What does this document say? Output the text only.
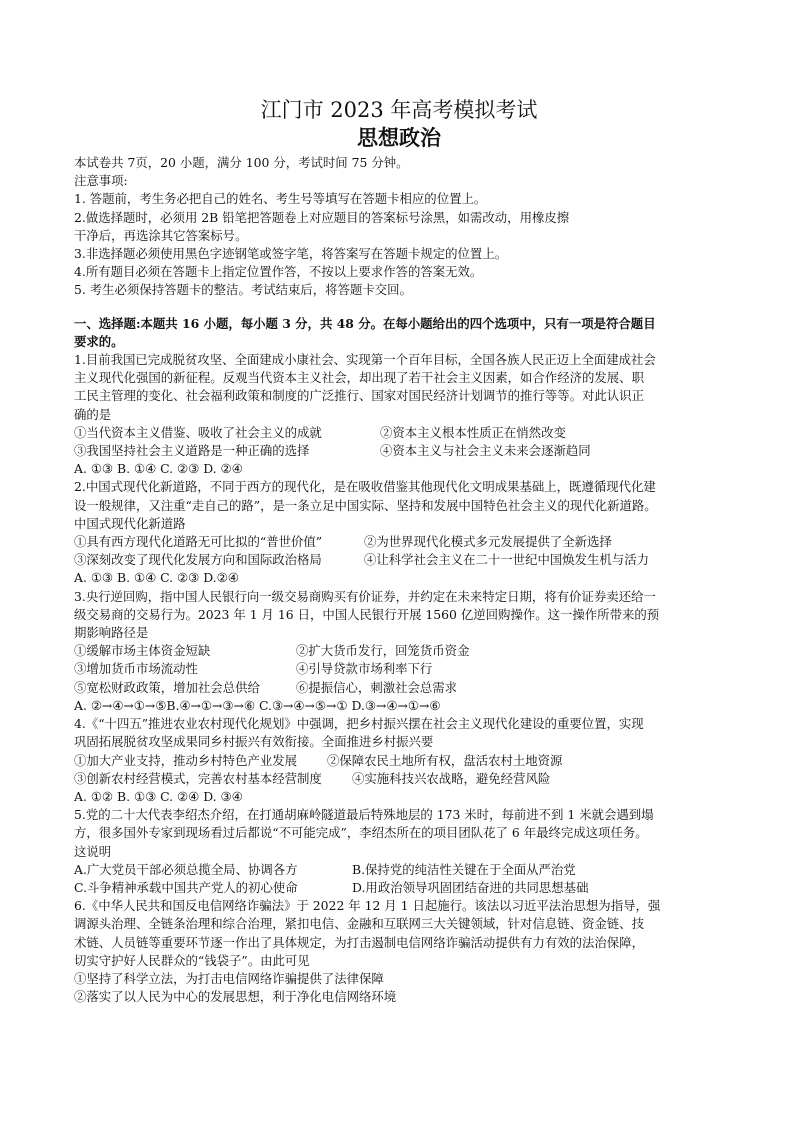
江门市 2023 年高考模拟考试
思想政治
本试卷共 7页，20 小题，满分 100 分，考试时间 75 分钟。
注意事项:
1. 答题前，考生务必把自己的姓名、考生号等填写在答题卡相应的位置上。
2.做选择题时，必须用 2B 铅笔把答题卷上对应题目的答案标号涂黑，如需改动，用橡皮擦
干净后，再选涂其它答案标号。
3.非选择题必须使用黑色字迹钢笔或签字笔，将答案写在答题卡规定的位置上。
4.所有题目必须在答题卡上指定位置作答，不按以上要求作答的答案无效。
5. 考生必须保持答题卡的整洁。考试结束后，将答题卡交回。
一、选择题:本题共 16 小题，每小题 3 分，共 48 分。在每小题给出的四个选项中，只有一项是符合题目
要求的。
1.目前我国已完成脱贫攻坚、全面建成小康社会、实现第一个百年目标，全国各族人民正迈上全面建成社会
主义现代化强国的新征程。反观当代资本主义社会，却出现了若干社会主义因素，如合作经济的发展、职
工民主管理的变化、社会福利政策和制度的广泛推行、国家对国民经济计划调节的推行等等。对此认识正
确的是
①当代资本主义借鉴、吸收了社会主义的成就	②资本主义根本性质正在悄然改变
③我国坚持社会主义道路是一种正确的选择	④资本主义与社会主义未来会逐渐趋同
A. ①③ B. ①④ C. ②③ D. ②④
2.中国式现代化新道路，不同于西方的现代化，是在吸收借鉴其他现代化文明成果基础上，既遵循现代化建
设一般规律，又注重“走自己的路”，是一条立足中国实际、坚持和发展中国特色社会主义的现代化新道路。
中国式现代化新道路
①具有西方现代化道路无可比拟的“普世价值”	②为世界现代化模式多元发展提供了全新选择
③深刻改变了现代化发展方向和国际政治格局	④让科学社会主义在二十一世纪中国焕发生机与活力
A. ①③ B. ①④ C. ②③ D.②④
3.央行逆回购，指中国人民银行向一级交易商购买有价证券，并约定在未来特定日期，将有价证券卖还给一
级交易商的交易行为。2023 年 1 月 16 日，中国人民银行开展 1560 亿逆回购操作。这一操作所带来的预
期影响路径是
①缓解市场主体资金短缺	②扩大货币发行，回笼货币资金
③增加货币市场流动性	④引导贷款市场利率下行
⑤宽松财政政策，增加社会总供给	⑥提振信心，刺激社会总需求
A. ②→④→①→⑤B.④→①→③→⑥ C.③→④→⑤→① D.③→④→①→⑥
4.《“十四五”推进农业农村现代化规划》中强调，把乡村振兴摆在社会主义现代化建设的重要位置，实现
巩固拓展脱贫攻坚成果同乡村振兴有效衔接。全面推进乡村振兴要
①加大产业支持，推动乡村特色产业发展	②保障农民土地所有权，盘活农村土地资源
③创新农村经营模式，完善农村基本经营制度	④实施科技兴农战略，避免经营风险
A. ①② B. ①③ C. ②④ D. ③④
5.党的二十大代表李绍杰介绍，在打通胡麻岭隧道最后特殊地层的 173 米时，每前进不到 1 米就会遇到塌
方，很多国外专家到现场看过后都说“不可能完成”，李绍杰所在的项目团队花了 6 年最终完成这项任务。
这说明
A.广大党员干部必须总揽全局、协调各方	B.保持党的纯洁性关键在于全面从严治党
C.斗争精神承载中国共产党人的初心使命	D.用政治领导巩固团结奋进的共同思想基础
6.《中华人民共和国反电信网络诈骗法》于 2022 年 12 月 1 日起施行。该法以习近平法治思想为指导，强
调源头治理、全链条治理和综合治理，紧扣电信、金融和互联网三大关键领域，针对信息链、资金链、技
术链、人员链等重要环节逐一作出了具体规定，为打击遏制电信网络诈骗活动提供有力有效的法治保障，
切实守护好人民群众的“钱袋子”。由此可见
①坚持了科学立法，为打击电信网络诈骗提供了法律保障
②落实了以人民为中心的发展思想，利于净化电信网络环境
